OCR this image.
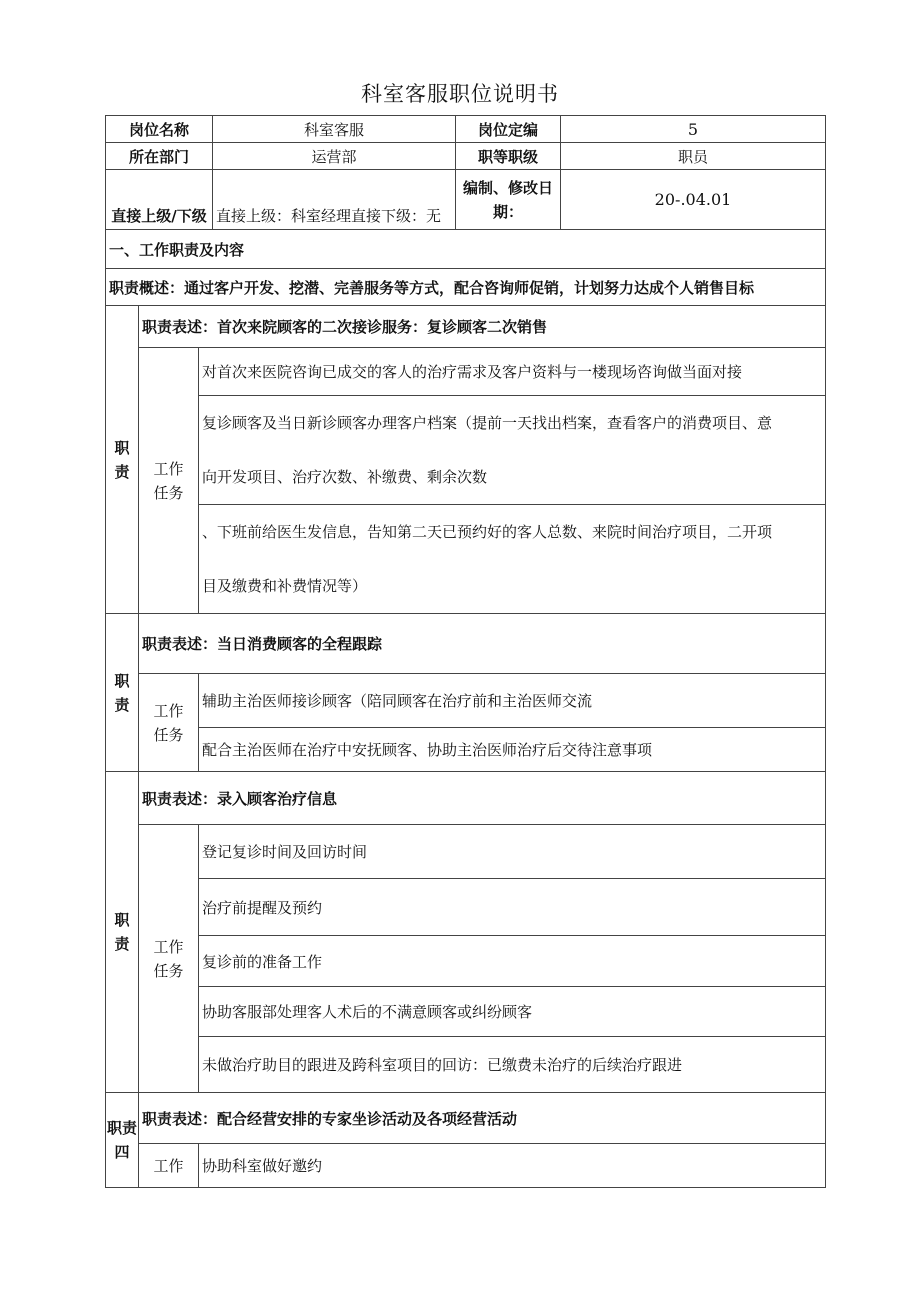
科室客服职位说明书
岗位名称	科室客服	岗位定编	5
所在部门	运营部	职等职级	职员
直接上级/下级	直接上级：科室经理直接下级：无	编制、修改日
期：	20-.04.01
一、工作职责及内容		
职责概述：通过客户开发、挖潜、完善服务等方式，配合咨询师促销，计划努力达成个人销售目标		

职
责	职责表述：首次来院顾客的二次接诊服务：复诊顾客二次销售	

	工作
任务	对首次来医院咨询已成交的客人的治疗需求及客户资料与一楼现场咨询做当面对接

		复诊顾客及当日新诊顾客办理客户档案（提前一天找出档案，查看客户的消费项目、意
向开发项目、治疗次数、补缴费、剩余次数

		、下班前给医生发信息，告知第二天已预约好的客人总数、来院时间治疗项目，二开项
目及缴费和补费情况等）

职
责	职责表述：当日消费顾客的全程跟踪	

	工作
任务	辅助主治医师接诊顾客（陪同顾客在治疗前和主治医师交流
		配合主治医师在治疗中安抚顾客、协助主治医师治疗后交待注意事项

职
责	职责表述：录入顾客治疗信息	

	工作
任务	登记复诊时间及回访时间
		治疗前提醒及预约
		复诊前的准备工作
		协助客服部处理客人术后的不满意顾客或纠纷顾客
		未做治疗助目的跟进及跨科室项目的回访：已缴费未治疗的后续治疗跟进

职责
四	职责表述：配合经营安排的专家坐诊活动及各项经营活动	
	工作	协助科室做好邀约
